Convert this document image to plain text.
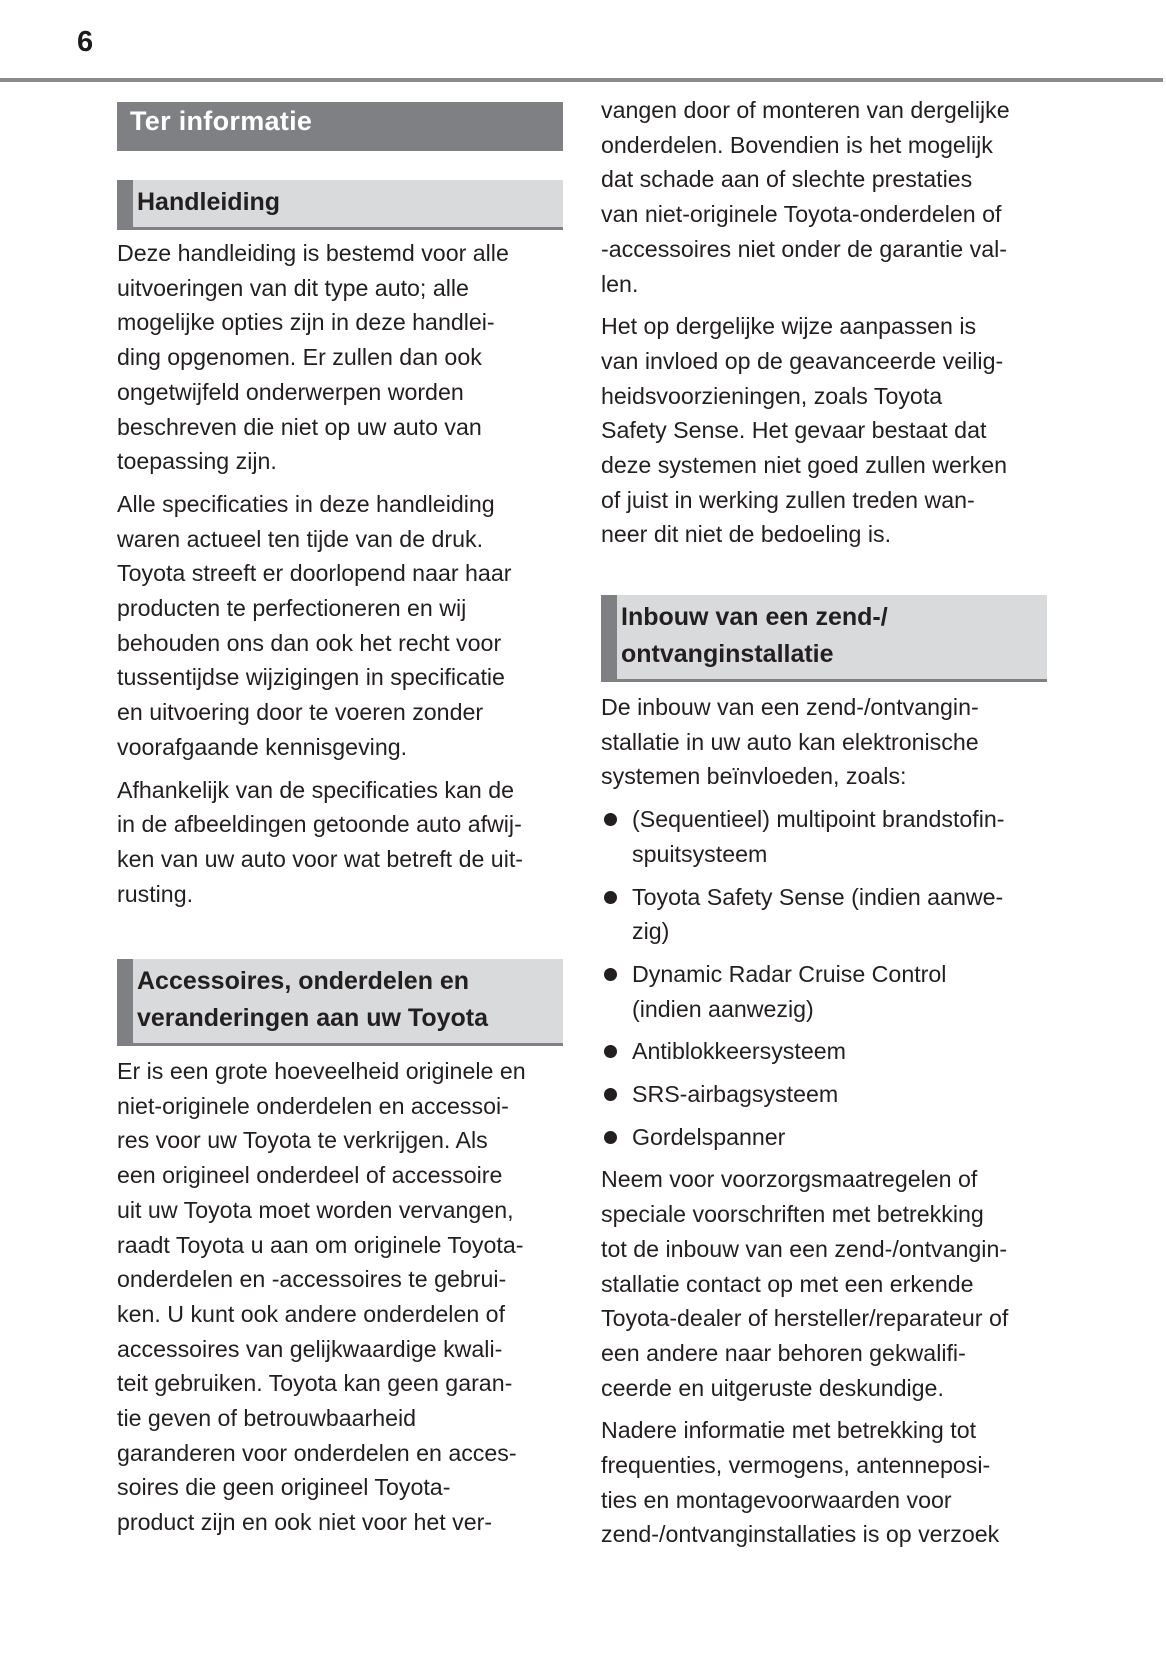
6
Ter informatie
Handleiding

Deze handleiding is bestemd voor alle
uitvoeringen van dit type auto; alle
mogelijke opties zijn in deze handlei-
ding opgenomen. Er zullen dan ook
ongetwijfeld onderwerpen worden
beschreven die niet op uw auto van
toepassing zijn.

Alle specificaties in deze handleiding
waren actueel ten tijde van de druk.
Toyota streeft er doorlopend naar haar
producten te perfectioneren en wij
behouden ons dan ook het recht voor
tussentijdse wijzigingen in specificatie
en uitvoering door te voeren zonder
voorafgaande kennisgeving.

Afhankelijk van de specificaties kan de
in de afbeeldingen getoonde auto afwij-
ken van uw auto voor wat betreft de uit-
rusting.

Accessoires, onderdelen en
veranderingen aan uw Toyota

Er is een grote hoeveelheid originele en
niet-originele onderdelen en accessoi-
res voor uw Toyota te verkrijgen. Als
een origineel onderdeel of accessoire
uit uw Toyota moet worden vervangen,
raadt Toyota u aan om originele Toyota-
onderdelen en -accessoires te gebrui-
ken. U kunt ook andere onderdelen of
accessoires van gelijkwaardige kwali-
teit gebruiken. Toyota kan geen garan-
tie geven of betrouwbaarheid
garanderen voor onderdelen en acces-
soires die geen origineel Toyota-
product zijn en ook niet voor het ver-

vangen door of monteren van dergelijke
onderdelen. Bovendien is het mogelijk
dat schade aan of slechte prestaties
van niet-originele Toyota-onderdelen of
-accessoires niet onder de garantie val-
len.

Het op dergelijke wijze aanpassen is
van invloed op de geavanceerde veilig-
heidsvoorzieningen, zoals Toyota
Safety Sense. Het gevaar bestaat dat
deze systemen niet goed zullen werken
of juist in werking zullen treden wan-
neer dit niet de bedoeling is.

Inbouw van een zend-/
ontvanginstallatie

De inbouw van een zend-/ontvangin-
stallatie in uw auto kan elektronische
systemen beïnvloeden, zoals:

(Sequentieel) multipoint brandstofin-
spuitsysteem
Toyota Safety Sense (indien aanwe-
zig)
Dynamic Radar Cruise Control
(indien aanwezig)
Antiblokkeersysteem
SRS-airbagsysteem
Gordelspanner

Neem voor voorzorgsmaatregelen of
speciale voorschriften met betrekking
tot de inbouw van een zend-/ontvangin-
stallatie contact op met een erkende
Toyota-dealer of hersteller/reparateur of
een andere naar behoren gekwalifi-
ceerde en uitgeruste deskundige.

Nadere informatie met betrekking tot
frequenties, vermogens, antenneposi-
ties en montagevoorwaarden voor
zend-/ontvanginstallaties is op verzoek
